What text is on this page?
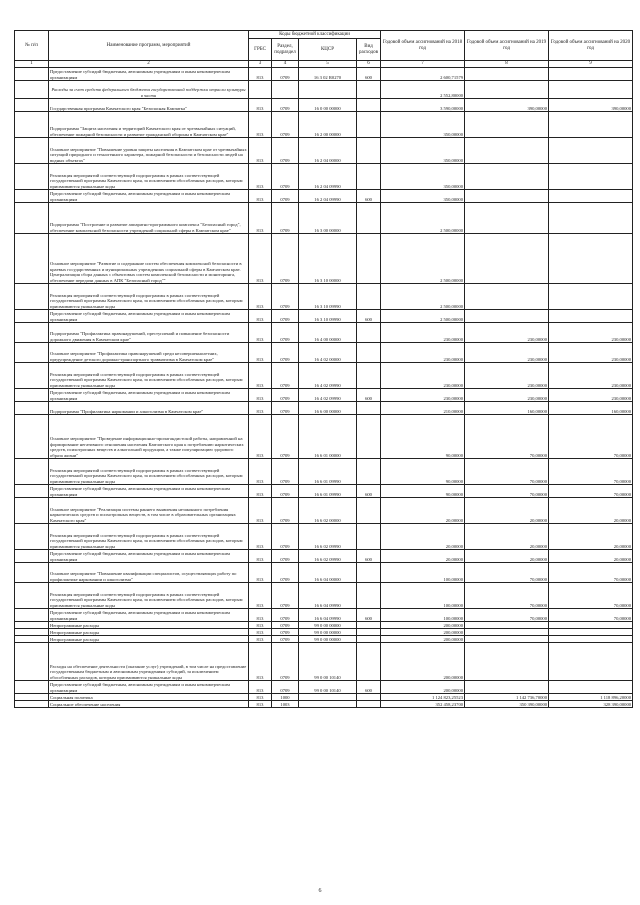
№ п/п	Наименование программ, мероприятий	Коды бюджетной классификации				Годовой объем ассигнований на 2018 год	Годовой объем ассигнований на 2019 год	Годовой объем ассигнований на 2020 год
		ГРБС	Раздел, подраздел	КЦСР	Вид расходов			
1	2	3	4	5	6	7	8	9
	Предоставление субсидий бюджетным, автономным учреждениям и иным некоммерческим организациям	813	0709	16 3 02 R0270	600	2 600,71579		
	Расходы за счет средств федерального бюджета государственной поддержки отрасли культуры в части					2 552,80000		
	Государственная программа Камчатского края "Безопасная Камчатка"	813	0709	16 0 00 00000		3 590,00000	390,00000	390,00000
	Подпрограмма "Защита населения и территорий Камчатского края от чрезвычайных ситуаций, обеспечение пожарной безопасности и развитие гражданской обороны в Камчатском крае"	813	0709	16 2 00 00000		350,00000		
	Основное мероприятие "Повышение уровня защиты населения в Камчатском крае от чрезвычайных ситуаций природного и техногенного характера, пожарной безопасности и безопасности людей на водных объектах"	813	0709	16 2 04 00000		350,00000		
	Реализация мероприятий соответствующей подпрограммы в рамках соответствующей государственной программы Камчатского края, за исключением обособленных расходов, которым присваиваются уникальные коды	813	0709	16 2 04 09990		350,00000		
	Предоставление субсидий бюджетным, автономным учреждениям и иным некоммерческим организациям	813	0709	16 2 04 09990	600	350,00000		
	Подпрограмма "Построение и развитие аппаратно-программного комплекса "Безопасный город", обеспечение комплексной безопасности учреждений социальной сферы в Камчатском крае"	813	0709	16 3 00 00000		2 500,00000		
	Основное мероприятие "Развитие и содержание систем обеспечения комплексной безопасности в краевых государственных и муниципальных учреждениях социальной сферы в Камчатском крае. Централизация сбора данных с объектовых систем комплексной безопасности и мониторинга, обеспечение передачи данных в АПК "Безопасный город""	813	0709	16 3 10 00000		2 500,00000		
	Реализация мероприятий соответствующей подпрограммы в рамках соответствующей государственной программы Камчатского края, за исключением обособленных расходов, которым присваиваются уникальные коды	813	0709	16 3 10 09990		2 500,00000		
	Предоставление субсидий бюджетным, автономным учреждениям и иным некоммерческим организациям	813	0709	16 3 10 09990	600	2 500,00000		
	Подпрограмма "Профилактика правонарушений, преступлений и повышение безопасности дорожного движения в Камчатском крае"	813	0709	16 4 00 00000		230,00000	230,00000	230,00000
	Основное мероприятие "Профилактика правонарушений среди несовершеннолетних, предупреждение детского дорожно-транспортного травматизма в Камчатском крае"	813	0709	16 4 02 00000		230,00000	230,00000	230,00000
	Реализация мероприятий соответствующей подпрограммы в рамках соответствующей государственной программы Камчатского края, за исключением обособленных расходов, которым присваиваются уникальные коды	813	0709	16 4 02 09990		230,00000	230,00000	230,00000
	Предоставление субсидий бюджетным, автономным учреждениям и иным некоммерческим организациям	813	0709	16 4 02 09990	600	230,00000	230,00000	230,00000
	Подпрограмма "Профилактика наркомании и алкоголизма в Камчатском крае"	813	0709	16 6 00 00000		210,00000	160,00000	160,00000
	Основное мероприятие "Проведение информационно-пропагандистской работы, направленной на формирование негативного отношения населения Камчатского края к потреблению наркотических средств, психотропных веществ и алкогольной продукции, а также популяризацию здорового образа жизни"	813	0709	16 6 01 00000		90,00000	70,00000	70,00000
	Реализация мероприятий соответствующей подпрограммы в рамках соответствующей государственной программы Камчатского края, за исключением обособленных расходов, которым присваиваются уникальные коды	813	0709	16 6 01 09990		90,00000	70,00000	70,00000
	Предоставление субсидий бюджетным, автономным учреждениям и иным некоммерческим организациям	813	0709	16 6 01 09990	600	90,00000	70,00000	70,00000
	Основное мероприятие "Реализация системы раннего выявления незаконного потребления наркотических средств и психотропных веществ, в том числе в образовательных организациях Камчатского края"	813	0709	16 6 02 00000		20,00000	20,00000	20,00000
	Реализация мероприятий соответствующей подпрограммы в рамках соответствующей государственной программы Камчатского края, за исключением обособленных расходов, которым присваиваются уникальные коды	813	0709	16 6 02 09990		20,00000	20,00000	20,00000
	Предоставление субсидий бюджетным, автономным учреждениям и иным некоммерческим организациям	813	0709	16 6 02 09990	600	20,00000	20,00000	20,00000
	Основное мероприятие "Повышение квалификации специалистов, осуществляющих работу по профилактике наркомании и алкоголизма"	813	0709	16 6 04 00000		100,00000	70,00000	70,00000
	Реализация мероприятий соответствующей подпрограммы в рамках соответствующей государственной программы Камчатского края, за исключением обособленных расходов, которым присваиваются уникальные коды	813	0709	16 6 04 09990		100,00000	70,00000	70,00000
	Предоставление субсидий бюджетным, автономным учреждениям и иным некоммерческим организациям	813	0709	16 6 04 09990	600	100,00000	70,00000	70,00000
	Непрограммные расходы	813	0709	99 0 00 00000		200,00000		
	Непрограммные расходы	813	0709	99 0 00 00000		200,00000		
	Непрограммные расходы	813	0709	99 0 00 00000		200,00000		
	Расходы на обеспечение деятельности (оказание услуг) учреждений, в том числе на предоставление государственным бюджетным и автономным учреждениям субсидий, за исключением обособленных расходов, которым присваиваются уникальные коды	813	0709	99 0 00 10140		200,00000		
	Предоставление субсидий бюджетным, автономным учреждениям и иным некоммерческим организациям	813	0709	99 0 00 10140	600	200,00000		
	Социальная политика	813	1000			1 124 823,25523	1 142 736,70000	1 118 896,20000
	Социальное обеспечение населения	813	1003			352 458,23700	350 390,00000	328 390,00000
6
